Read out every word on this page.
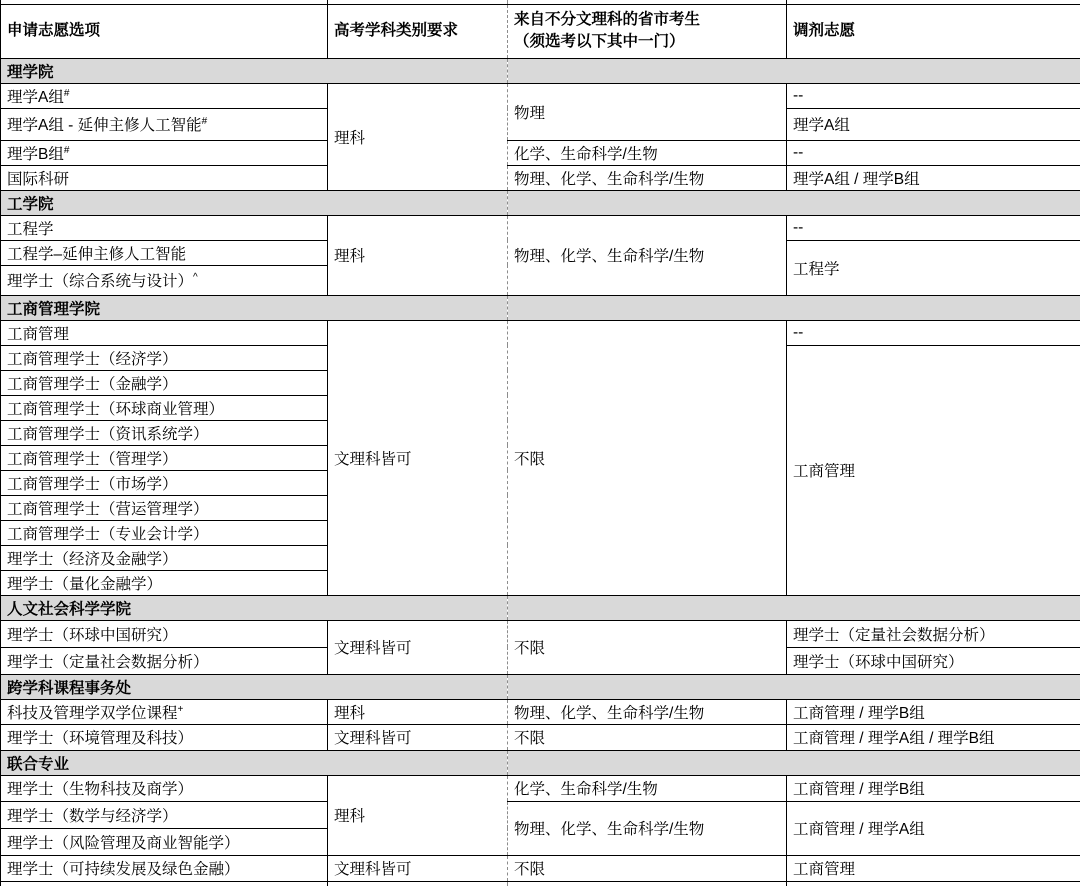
申请志愿选项	高考学科类别要求	来自不分文理科的省市考生
（须选考以下其中一门）	调剂志愿
理学院			
理学A组#	理科	物理	--
理学A组 - 延伸主修人工智能#			理学A组
理学B组#		化学、生命科学/生物	--
国际科研		物理、化学、生命科学/生物	理学A组 / 理学B组
工学院			
工程学	理科	物理、化学、生命科学/生物	--
工程学–延伸主修人工智能			工程学
理学士（综合系统与设计）^
工商管理学院			
工商管理	文理科皆可	不限	--
工商管理学士（经济学）			工商管理
工商管理学士（金融学）			
工商管理学士（环球商业管理）			
工商管理学士（资讯系统学）			
工商管理学士（管理学）			
工商管理学士（市场学）			
工商管理学士（营运管理学）			
工商管理学士（专业会计学）			
理学士（经济及金融学）			
理学士（量化金融学）			
人文社会科学学院			
理学士（环球中国研究）	文理科皆可	不限	理学士（定量社会数据分析）
理学士（定量社会数据分析）			理学士（环球中国研究）
跨学科课程事务处			
科技及管理学双学位课程+	理科	物理、化学、生命科学/生物	工商管理 / 理学B组
理学士（环境管理及科技）	文理科皆可	不限	工商管理 / 理学A组 / 理学B组
联合专业			
理学士（生物科技及商学）	理科	化学、生命科学/生物	工商管理 / 理学B组
理学士（数学与经济学）		物理、化学、生命科学/生物	工商管理 / 理学A组
理学士（风险管理及商业智能学）			
理学士（可持续发展及绿色金融）	文理科皆可	不限	工商管理
